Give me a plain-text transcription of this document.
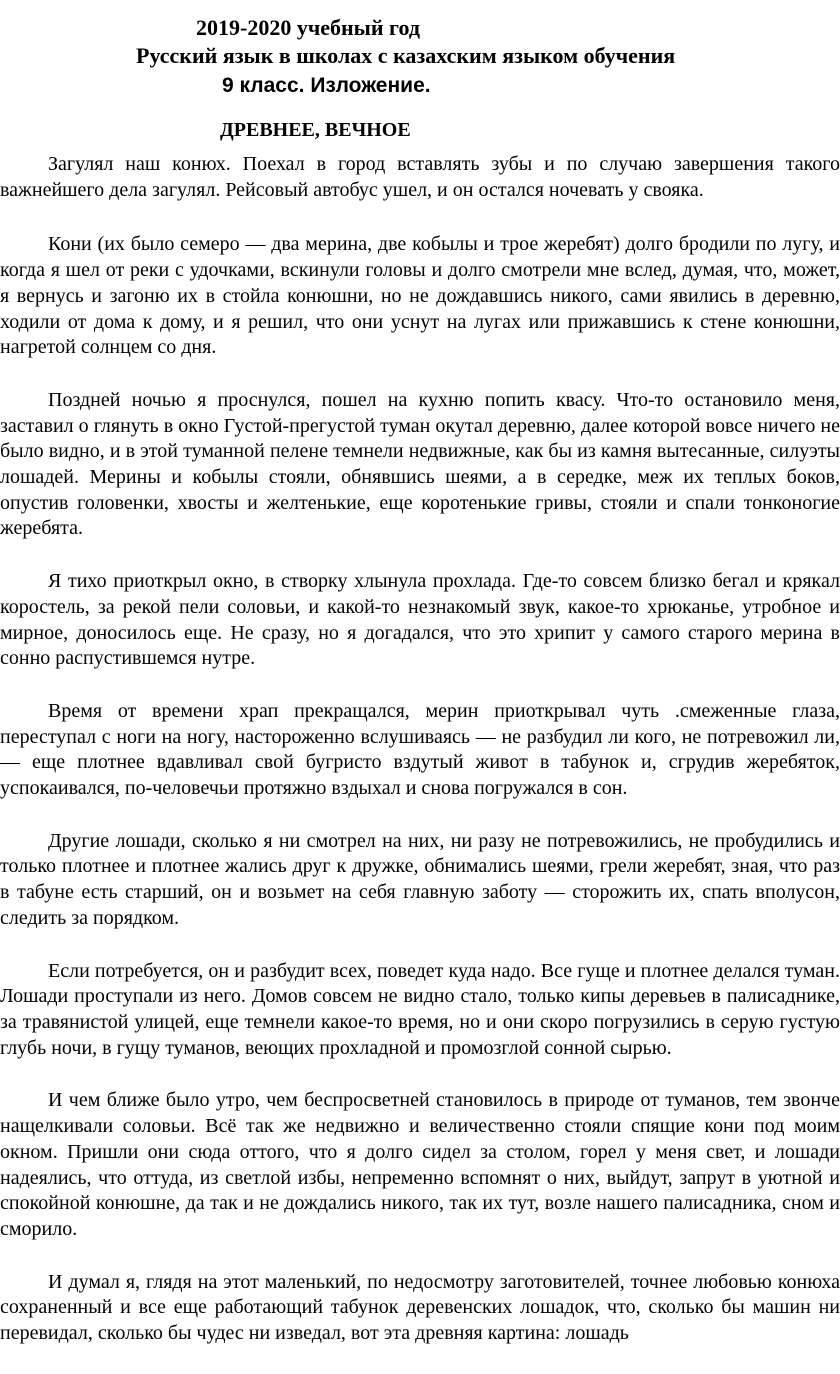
2019-2020 учебный год
Русский язык в школах с казахским языком обучения
9 класс. Изложение.
ДРЕВНЕЕ, ВЕЧНОЕ

Загулял наш конюх. Поехал в город вставлять зубы и по случаю завершения такого важнейшего дела загулял. Рейсовый автобус ушел, и он остался ночевать у свояка.

Кони (их было семеро — два мерина, две кобылы и трое жеребят) долго бродили по лугу, и когда я шел от реки с удочками, вскинули головы и долго смотрели мне вслед, думая, что, может, я вернусь и загоню их в стойла конюшни, но не дождавшись никого, сами явились в деревню, ходили от дома к дому, и я решил, что они уснут на лугах или прижавшись к стене конюшни, нагретой солнцем со дня.

Поздней ночью я проснулся, пошел на кухню попить квасу. Что-то остановило меня, заставил о глянуть в окно Густой-прегустой туман окутал деревню, далее которой вовсе ничего не было видно, и в этой туманной пелене темнели недвижные, как бы из камня вытесанные, силуэты лошадей. Мерины и кобылы стояли, обнявшись шеями, а в середке, меж их теплых боков, опустив головенки, хвосты и желтенькие, еще коротенькие гривы, стояли и спали тонконогие жеребята.

Я тихо приоткрыл окно, в створку хлынула прохлада. Где-то совсем близко бегал и крякал коростель, за рекой пели соловьи, и какой-то незнакомый звук, какое-то хрюканье, утробное и мирное, доносилось еще. Не сразу, но я догадался, что это хрипит у самого старого мерина в сонно распустившемся нутре.

Время от времени храп прекращался, мерин приоткрывал чуть .смеженные глаза, переступал с ноги на ногу, настороженно вслушиваясь — не разбудил ли кого, не потревожил ли, — еще плотнее вдавливал свой бугристо вздутый живот в табунок и, сгрудив жеребяток, успокаивался, по-человечьи протяжно вздыхал и снова погружался в сон.

Другие лошади, сколько я ни смотрел на них, ни разу не потревожились, не пробудились и только плотнее и плотнее жались друг к дружке, обнимались шеями, грели жеребят, зная, что раз в табуне есть старший, он и возьмет на себя главную заботу — сторожить их, спать вполусон, следить за порядком.

Если потребуется, он и разбудит всех, поведет куда надо. Все гуще и плотнее делался туман. Лошади проступали из него. Домов совсем не видно стало, только кипы деревьев в палисаднике, за травянистой улицей, еще темнели какое-то время, но и они скоро погрузились в серую густую глубь ночи, в гущу туманов, веющих прохладной и промозглой сонной сырью.

И чем ближе было утро, чем беспросветней становилось в природе от туманов, тем звонче нащелкивали соловьи. Всё так же недвижно и величественно стояли спящие кони под моим окном. Пришли они сюда оттого, что я долго сидел за столом, горел у меня свет, и лошади надеялись, что оттуда, из светлой избы, непременно вспомнят о них, выйдут, запрут в уютной и спокойной конюшне, да так и не дождались никого, так их тут, возле нашего палисадника, сном и сморило.

И думал я, глядя на этот маленький, по недосмотру заготовителей, точнее любовью конюха сохраненный и все еще работающий табунок деревенских лошадок, что, сколько бы машин ни перевидал, сколько бы чудес ни изведал, вот эта древняя картина: лошадь
